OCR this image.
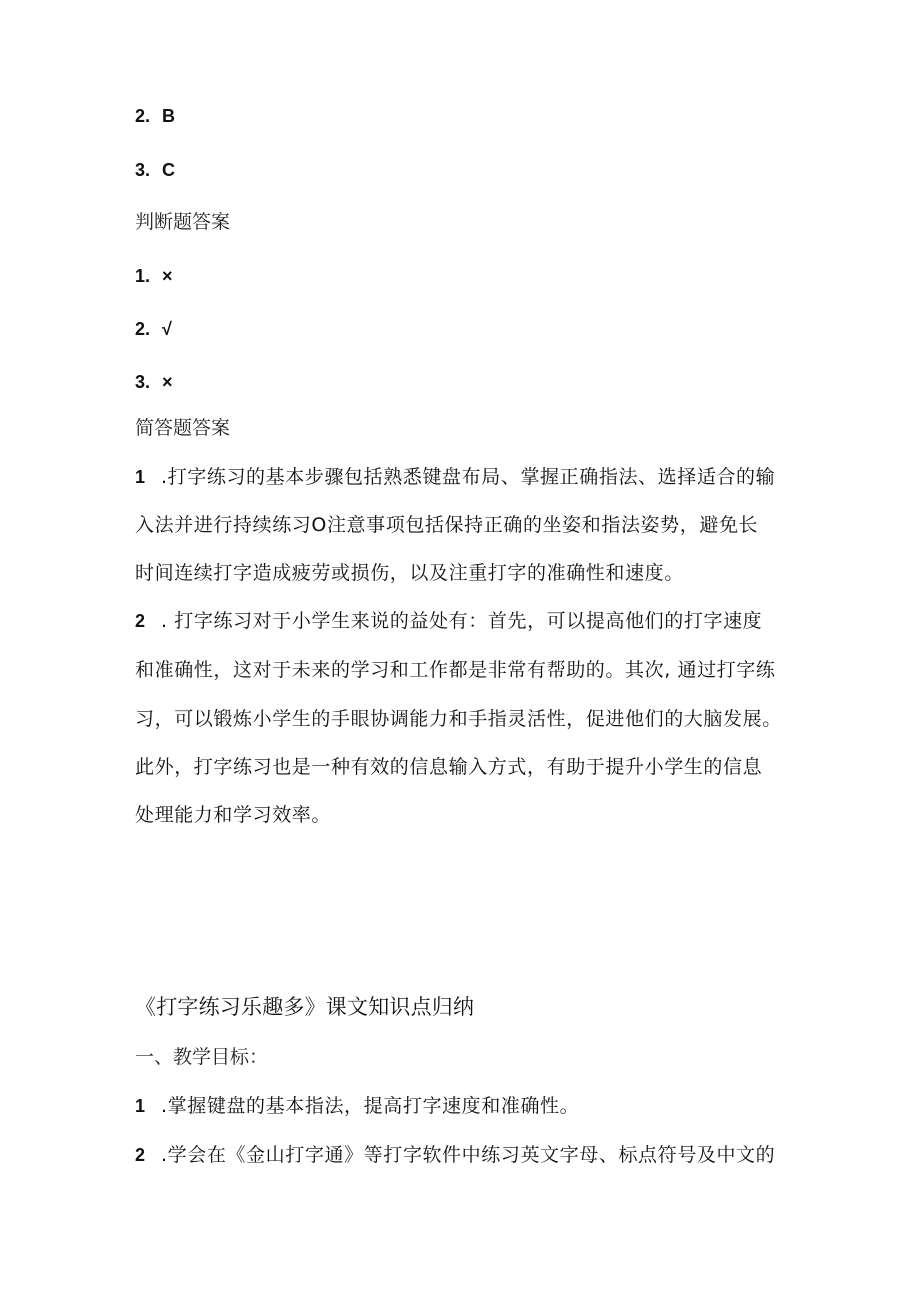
2. B
3. C
判断题答案
1. ×
2. √
3. ×
简答题答案
1 .打字练习的基本步骤包括熟悉键盘布局、掌握正确指法、选择适合的输
入法并进行持续练习O注意事项包括保持正确的坐姿和指法姿势，避免长
时间连续打字造成疲劳或损伤，以及注重打字的准确性和速度。
2 . 打字练习对于小学生来说的益处有：首先，可以提高他们的打字速度
和准确性，这对于未来的学习和工作都是非常有帮助的。其次, 通过打字练
习，可以锻炼小学生的手眼协调能力和手指灵活性，促进他们的大脑发展。
此外，打字练习也是一种有效的信息输入方式，有助于提升小学生的信息
处理能力和学习效率。
《打字练习乐趣多》课文知识点归纳
一、教学目标：
1 .掌握键盘的基本指法，提高打字速度和准确性。
2 .学会在《金山打字通》等打字软件中练习英文字母、标点符号及中文的
